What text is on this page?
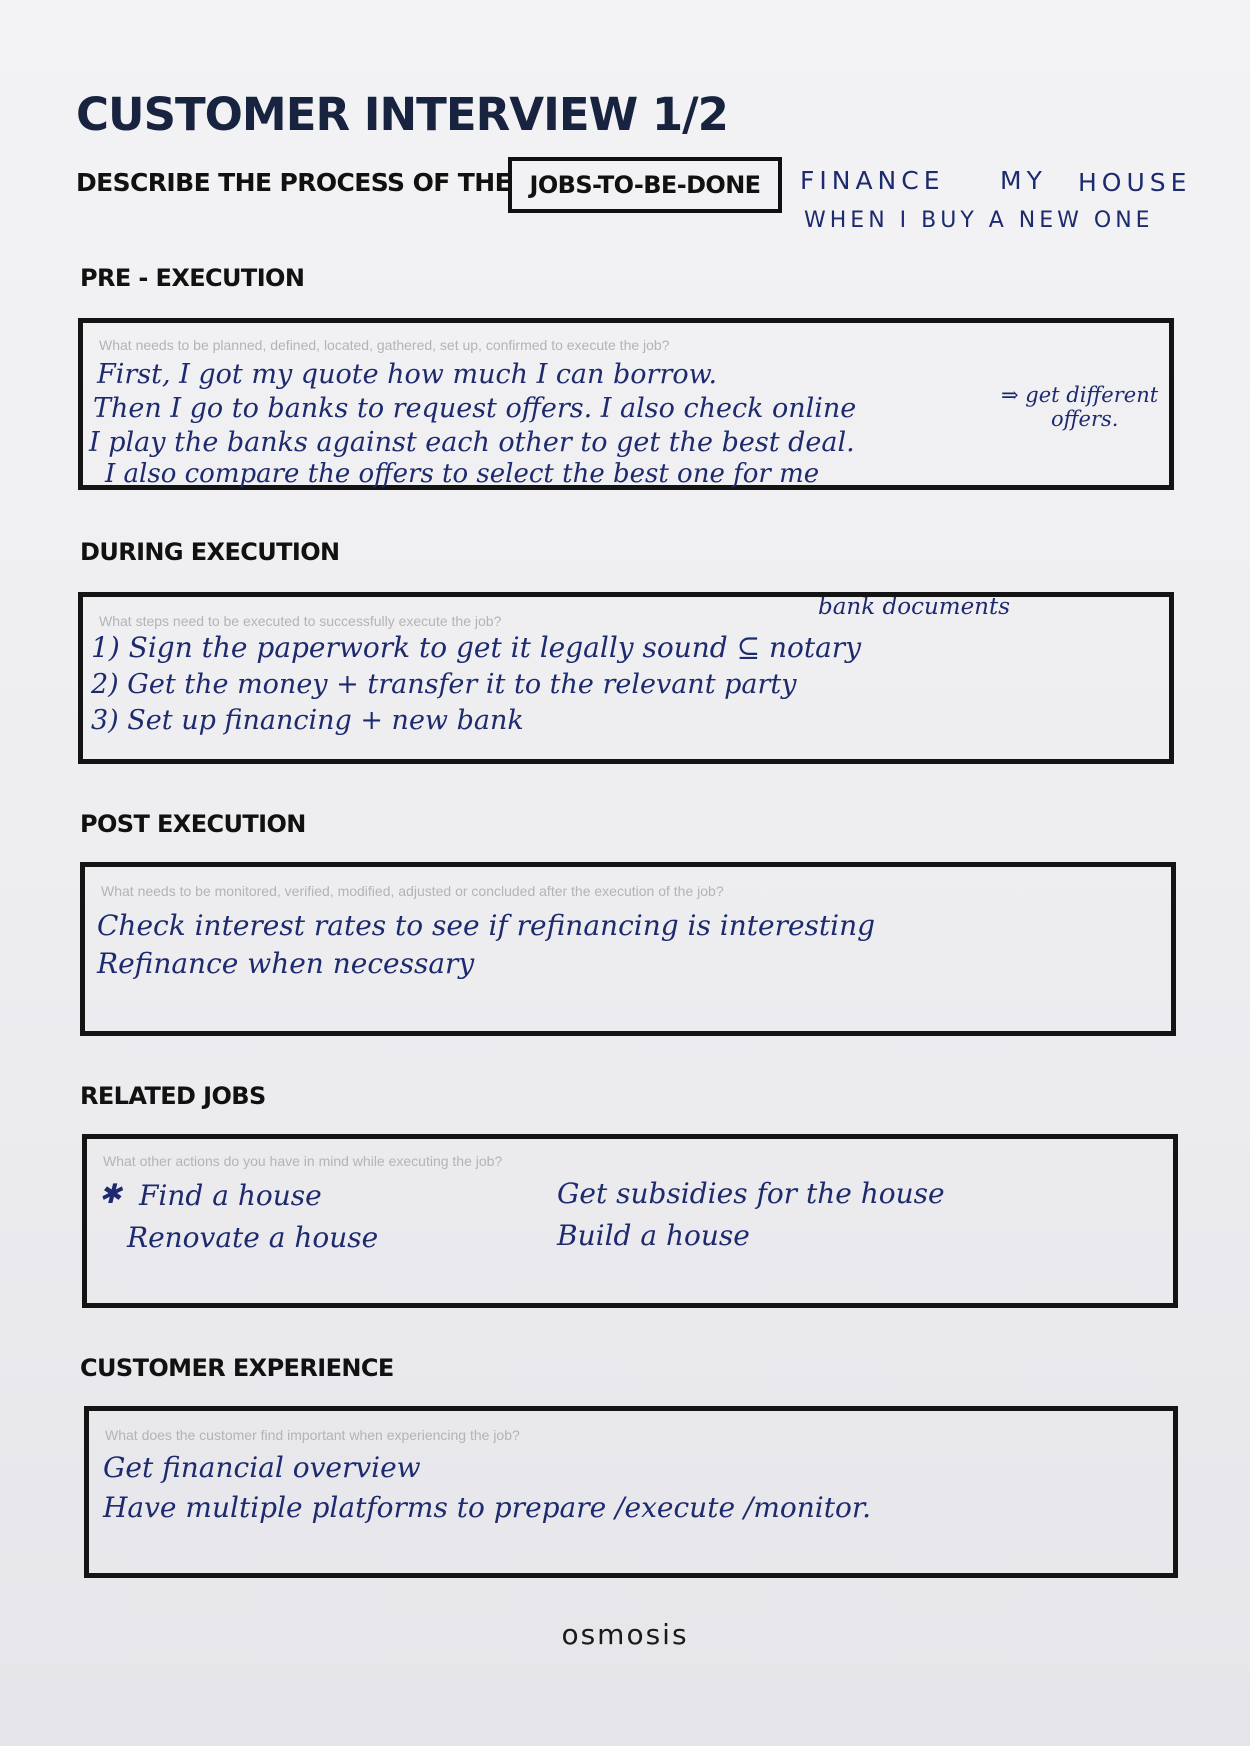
CUSTOMER INTERVIEW 1/2
DESCRIBE THE PROCESS OF THE JOBS-TO-BE-DONE FINANCE MY HOUSE
WHEN I BUY A NEW ONE
PRE - EXECUTION
What needs to be planned, defined, located, gathered, set up, confirmed to execute the job?
First, I got my quote how much I can borrow.
Then I go to banks to request offers. I also check online
I play the banks against each other to get the best deal.
I also compare the offers to select the best one for me
⇒ get different
offers.
DURING EXECUTION
bank documents
What steps need to be executed to successfully execute the job?
1) Sign the paperwork to get it legally sound ⊆ notary
2) Get the money + transfer it to the relevant party
3) Set up financing + new bank
POST EXECUTION
What needs to be monitored, verified, modified, adjusted or concluded after the execution of the job?
Check interest rates to see if refinancing is interesting
Refinance when necessary
RELATED JOBS
What other actions do you have in mind while executing the job?
✱ Find a house
Renovate a house
Get subsidies for the house
Build a house
CUSTOMER EXPERIENCE
What does the customer find important when experiencing the job?
Get financial overview
Have multiple platforms to prepare /execute /monitor.
osmosis
